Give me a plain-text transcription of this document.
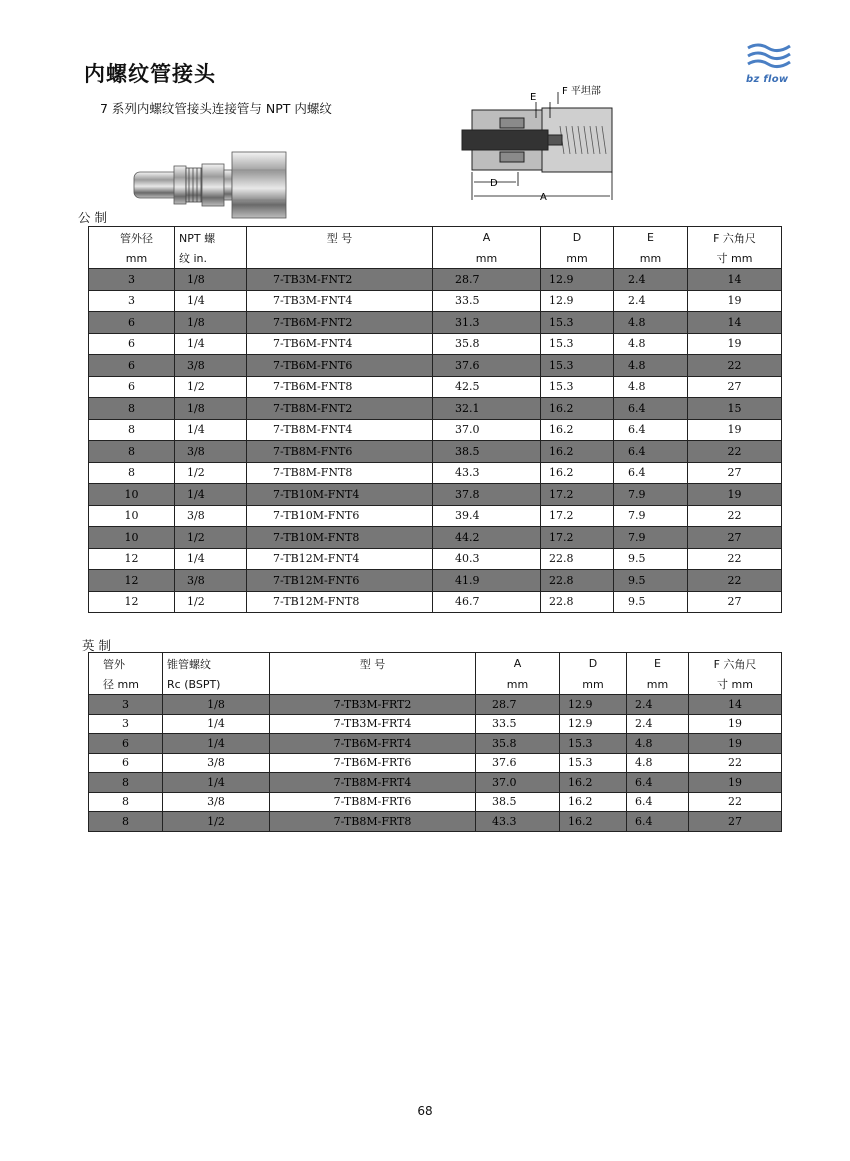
内螺纹管接头
7 系列内螺纹管接头连接管与 NPT 内螺纹
bz flow
D
A
E
F 平坦部
公 制
管外径	NPT 螺	型 号	A	D	E	F 六角尺
mm	纹 in.		mm	mm	mm	寸 mm
3	1/8	7-TB3M-FNT2	28.7	12.9	2.4	14
3	1/4	7-TB3M-FNT4	33.5	12.9	2.4	19
6	1/8	7-TB6M-FNT2	31.3	15.3	4.8	14
6	1/4	7-TB6M-FNT4	35.8	15.3	4.8	19
6	3/8	7-TB6M-FNT6	37.6	15.3	4.8	22
6	1/2	7-TB6M-FNT8	42.5	15.3	4.8	27
8	1/8	7-TB8M-FNT2	32.1	16.2	6.4	15
8	1/4	7-TB8M-FNT4	37.0	16.2	6.4	19
8	3/8	7-TB8M-FNT6	38.5	16.2	6.4	22
8	1/2	7-TB8M-FNT8	43.3	16.2	6.4	27
10	1/4	7-TB10M-FNT4	37.8	17.2	7.9	19
10	3/8	7-TB10M-FNT6	39.4	17.2	7.9	22
10	1/2	7-TB10M-FNT8	44.2	17.2	7.9	27
12	1/4	7-TB12M-FNT4	40.3	22.8	9.5	22
12	3/8	7-TB12M-FNT6	41.9	22.8	9.5	22
12	1/2	7-TB12M-FNT8	46.7	22.8	9.5	27
英 制
管外	锥管螺纹	型 号	A	D	E	F 六角尺
径 mm	Rc (BSPT)		mm	mm	mm	寸 mm
3	1/8	7-TB3M-FRT2	28.7	12.9	2.4	14
3	1/4	7-TB3M-FRT4	33.5	12.9	2.4	19
6	1/4	7-TB6M-FRT4	35.8	15.3	4.8	19
6	3/8	7-TB6M-FRT6	37.6	15.3	4.8	22
8	1/4	7-TB8M-FRT4	37.0	16.2	6.4	19
8	3/8	7-TB8M-FRT6	38.5	16.2	6.4	22
8	1/2	7-TB8M-FRT8	43.3	16.2	6.4	27
68
